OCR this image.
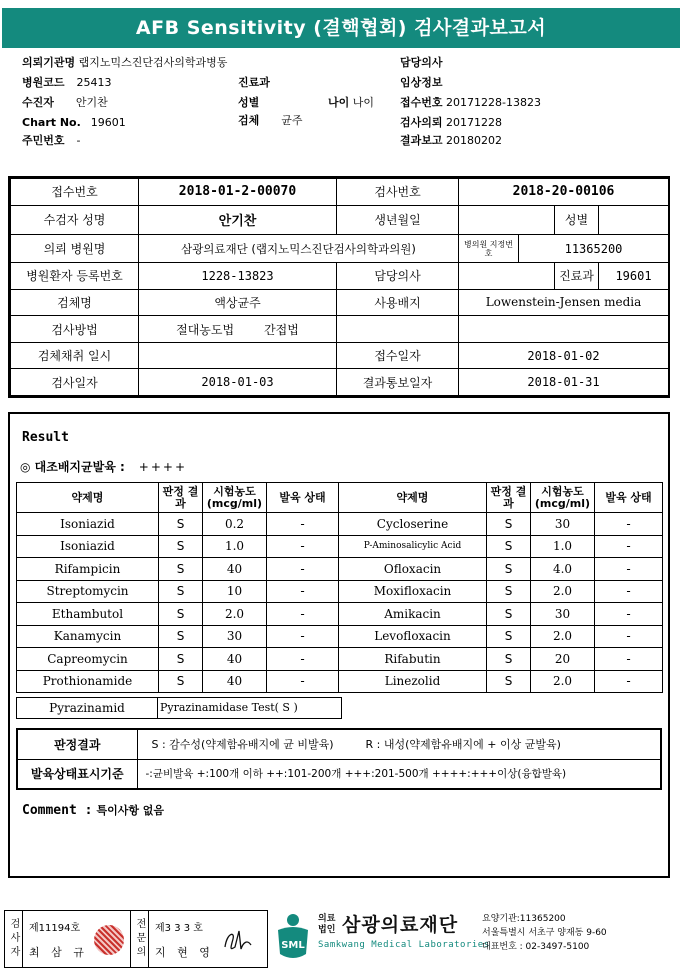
AFB Sensitivity (결핵협회) 검사결과보고서
의뢰기관명 랩지노믹스진단검사의학과병동
병원코드 25413
수진자 안기찬
Chart No. 19601
주민번호 -
진료과
성별	나이 나이
검체 균주
담당의사
임상정보
접수번호 20171228-13823
검사의뢰 20171228
결과보고 20180202
접수번호	2018-01-2-00070	검사번호	2018-20-00106			
수검자 성명	안기찬	생년월일			성별	
의뢰 병원명	삼광의료재단 (랩지노믹스진단검사의학과의원)		병의원 지정번호	11365200		
병원환자 등록번호	1228-13823	담당의사			진료과	19601
검체명	액상균주	사용배지	Lowenstein-Jensen media			
검사방법	절대농도법 간접법					
검체채취 일시		접수일자	2018-01-02			
검사일자	2018-01-03	결과통보일자	2018-01-31			
Result
◎ 대조배지균발육 : ++++
약제명	판정 결과	시험농도 (mcg/ml)	발육 상태	약제명	판정 결과	시험농도 (mcg/ml)	발육 상태
Isoniazid	S	0.2	-	Cycloserine	S	30	-
Isoniazid	S	1.0	-	P-Aminosalicylic Acid	S	1.0	-
Rifampicin	S	40	-	Ofloxacin	S	4.0	-
Streptomycin	S	10	-	Moxifloxacin	S	2.0	-
Ethambutol	S	2.0	-	Amikacin	S	30	-
Kanamycin	S	30	-	Levofloxacin	S	2.0	-
Capreomycin	S	40	-	Rifabutin	S	20	-
Prothionamide	S	40	-	Linezolid	S	2.0	-
Pyrazinamid	Pyrazinamidase Test( S )
판정결과	S : 감수성(약제함유배지에 균 비발육) R : 내성(약제함유배지에 + 이상 균발육)
발육상태표시기준	-:균비발육 +:100개 이하 ++:101-200개 +++:201-500개 ++++:+++이상(융합발육)
Comment : 특이사항 없음
검사자	제11194호
최 삼 규	전문의	제3 3 3 호
지 현 영	SML
의료
법인 삼광의료재단
Samkwang Medical Laboratories
요양기관:11365200
서울특별시 서초구 양재동 9-60
대표번호 : 02-3497-5100
